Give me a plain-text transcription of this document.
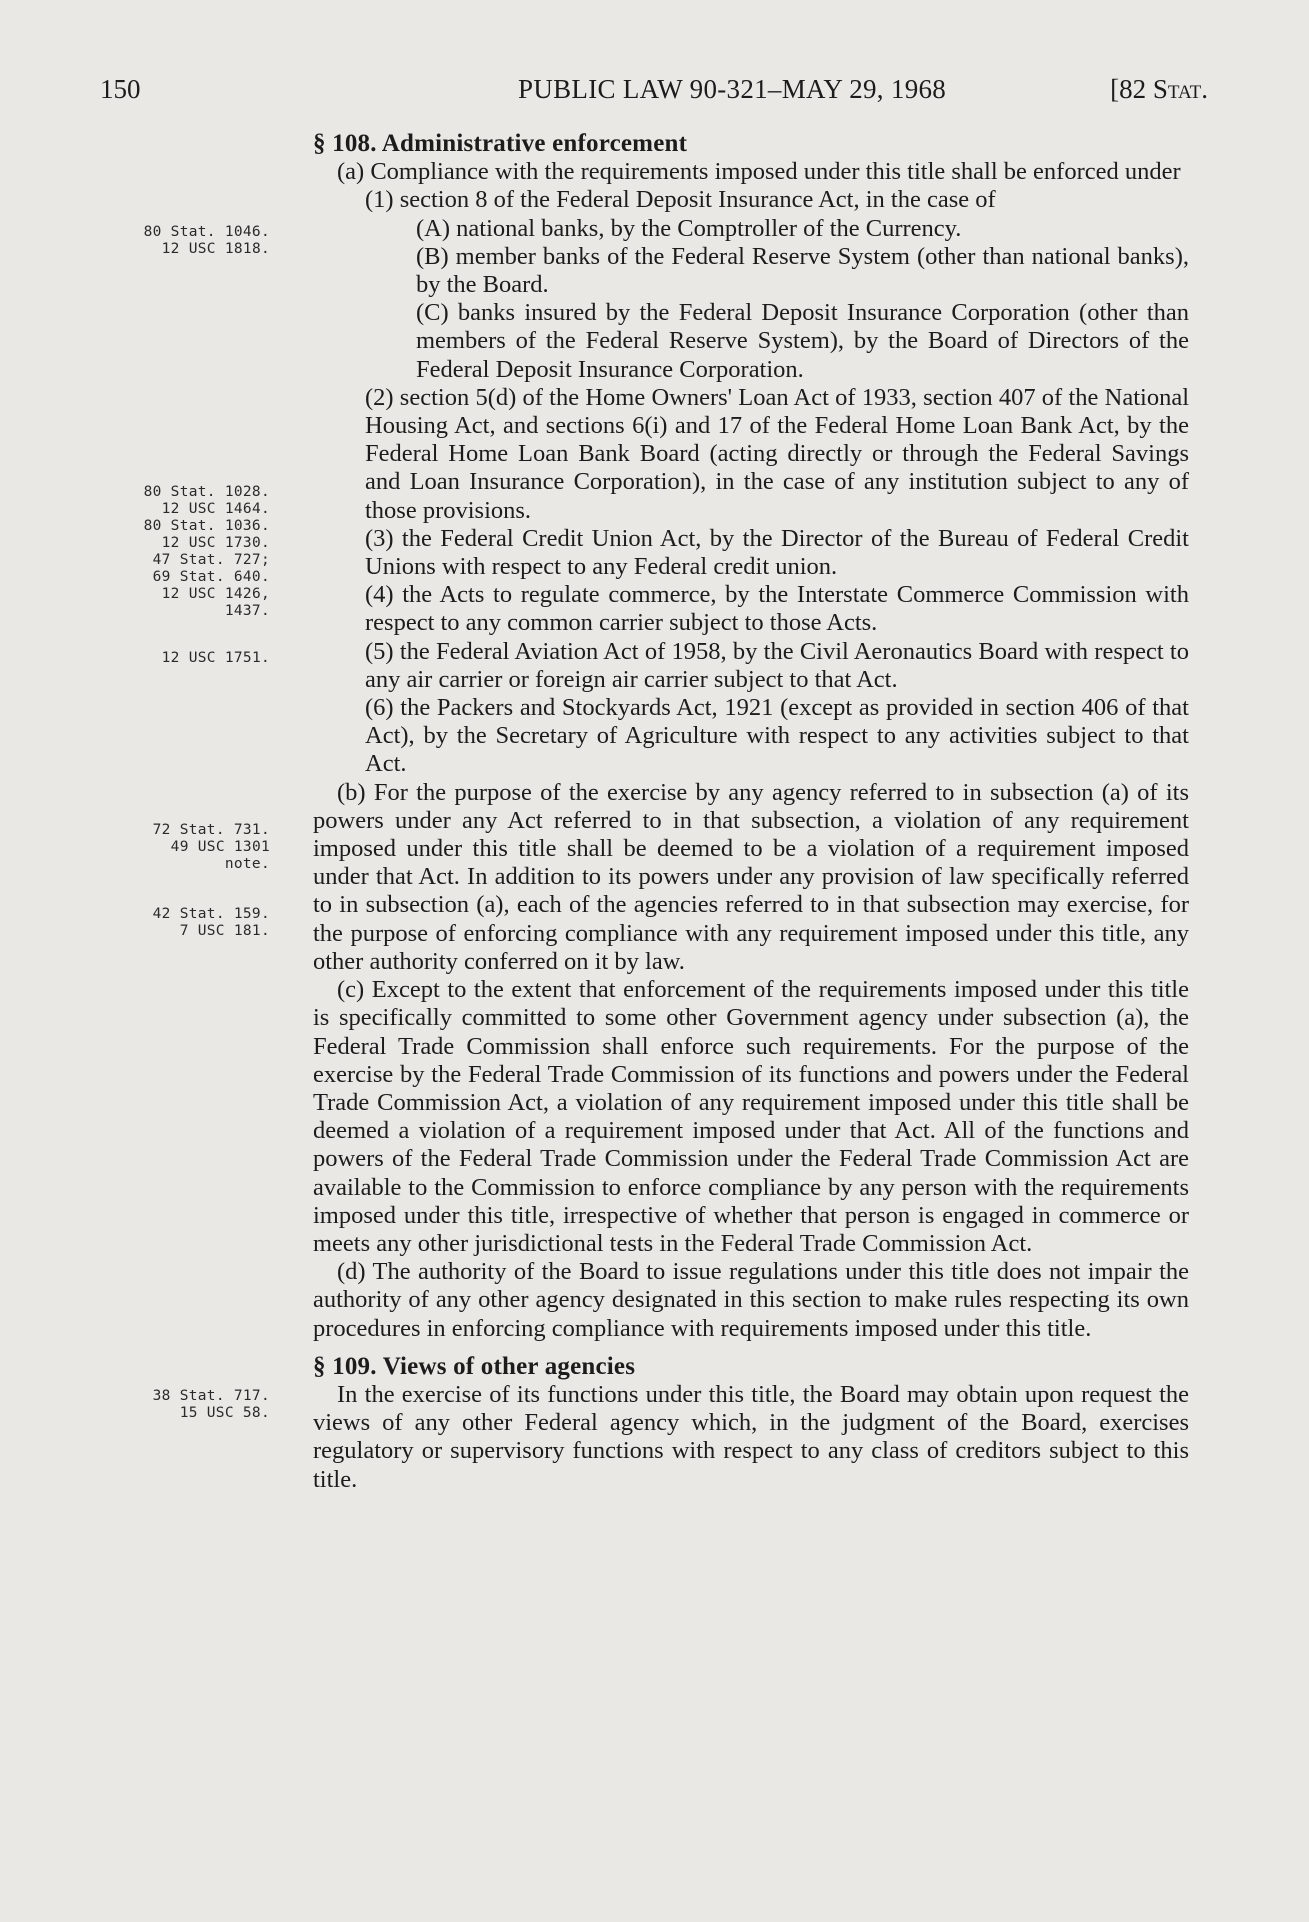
150	PUBLIC LAW 90-321–MAY 29, 1968	[82 Stat.
80 Stat. 1046.
12 USC 1818.
80 Stat. 1028.
12 USC 1464.
80 Stat. 1036.
12 USC 1730.
47 Stat. 727;
69 Stat. 640.
12 USC 1426,
1437.
12 USC 1751.
72 Stat. 731.
49 USC 1301
note.
42 Stat. 159.
7 USC 181.
38 Stat. 717.
15 USC 58.

§ 108. Administrative enforcement

(a) Compliance with the requirements imposed under this title shall be enforced under

(1) section 8 of the Federal Deposit Insurance Act, in the case of

(A) national banks, by the Comptroller of the Currency.

(B) member banks of the Federal Reserve System (other than national banks), by the Board.

(C) banks insured by the Federal Deposit Insurance Corporation (other than members of the Federal Reserve System), by the Board of Directors of the Federal Deposit Insurance Corporation.

(2) section 5(d) of the Home Owners' Loan Act of 1933, section 407 of the National Housing Act, and sections 6(i) and 17 of the Federal Home Loan Bank Act, by the Federal Home Loan Bank Board (acting directly or through the Federal Savings and Loan Insurance Corporation), in the case of any institution subject to any of those provisions.

(3) the Federal Credit Union Act, by the Director of the Bureau of Federal Credit Unions with respect to any Federal credit union.

(4) the Acts to regulate commerce, by the Interstate Commerce Commission with respect to any common carrier subject to those Acts.

(5) the Federal Aviation Act of 1958, by the Civil Aeronautics Board with respect to any air carrier or foreign air carrier subject to that Act.

(6) the Packers and Stockyards Act, 1921 (except as provided in section 406 of that Act), by the Secretary of Agriculture with respect to any activities subject to that Act.

(b) For the purpose of the exercise by any agency referred to in subsection (a) of its powers under any Act referred to in that subsection, a violation of any requirement imposed under this title shall be deemed to be a violation of a requirement imposed under that Act. In addition to its powers under any provision of law specifically referred to in subsection (a), each of the agencies referred to in that subsection may exercise, for the purpose of enforcing compliance with any requirement imposed under this title, any other authority conferred on it by law.

(c) Except to the extent that enforcement of the requirements imposed under this title is specifically committed to some other Government agency under subsection (a), the Federal Trade Commission shall enforce such requirements. For the purpose of the exercise by the Federal Trade Commission of its functions and powers under the Federal Trade Commission Act, a violation of any requirement imposed under this title shall be deemed a violation of a requirement imposed under that Act. All of the functions and powers of the Federal Trade Commission under the Federal Trade Commission Act are available to the Commission to enforce compliance by any person with the requirements imposed under this title, irrespective of whether that person is engaged in commerce or meets any other jurisdictional tests in the Federal Trade Commission Act.

(d) The authority of the Board to issue regulations under this title does not impair the authority of any other agency designated in this section to make rules respecting its own procedures in enforcing compliance with requirements imposed under this title.

§ 109. Views of other agencies

In the exercise of its functions under this title, the Board may obtain upon request the views of any other Federal agency which, in the judgment of the Board, exercises regulatory or supervisory functions with respect to any class of creditors subject to this title.
